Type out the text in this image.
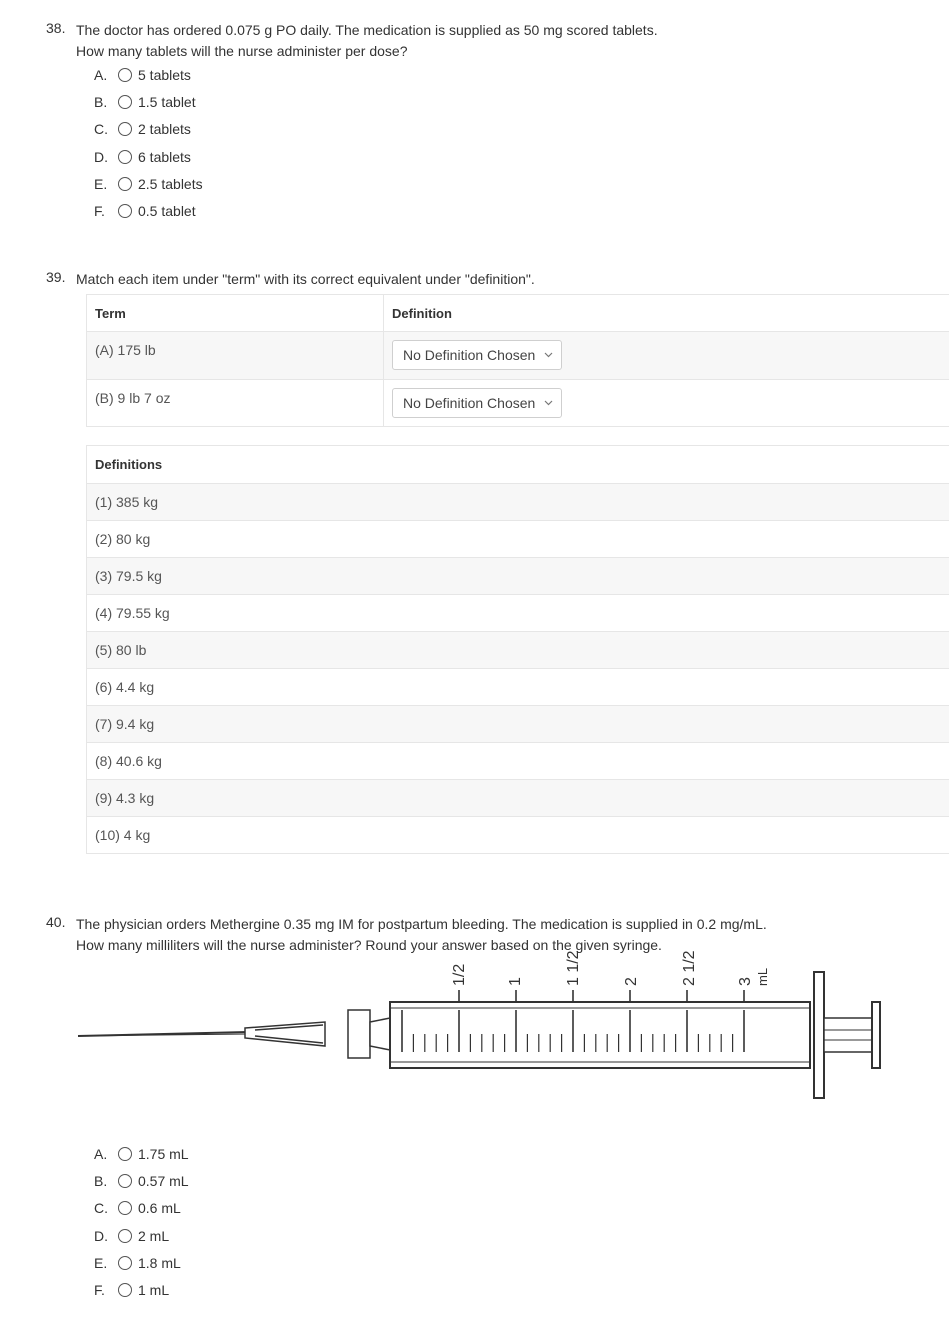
38. The doctor has ordered 0.075 g PO daily. The medication is supplied as 50 mg scored tablets.
How many tablets will the nurse administer per dose?
A.	5 tablets
B.	1.5 tablet
C.	2 tablets
D.	6 tablets
E.	2.5 tablets
F.	0.5 tablet
39. Match each item under "term" with its correct equivalent under "definition".
Term	Definition
(A) 175 lb	No Definition Chosen
(B) 9 lb 7 oz	No Definition Chosen
Definitions
(1) 385 kg
(2) 80 kg
(3) 79.5 kg
(4) 79.55 kg
(5) 80 lb
(6) 4.4 kg
(7) 9.4 kg
(8) 40.6 kg
(9) 4.3 kg
(10) 4 kg
40. The physician orders Methergine 0.35 mg IM for postpartum bleeding. The medication is supplied in 0.2 mg/mL.
How many milliliters will the nurse administer? Round your answer based on the given syringe.
1/2 1	1 1/2	2	2 1/2 3 mL
A.	1.75 mL
B.	0.57 mL
C.	0.6 mL
D.	2 mL
E.	1.8 mL
F.	1 mL
